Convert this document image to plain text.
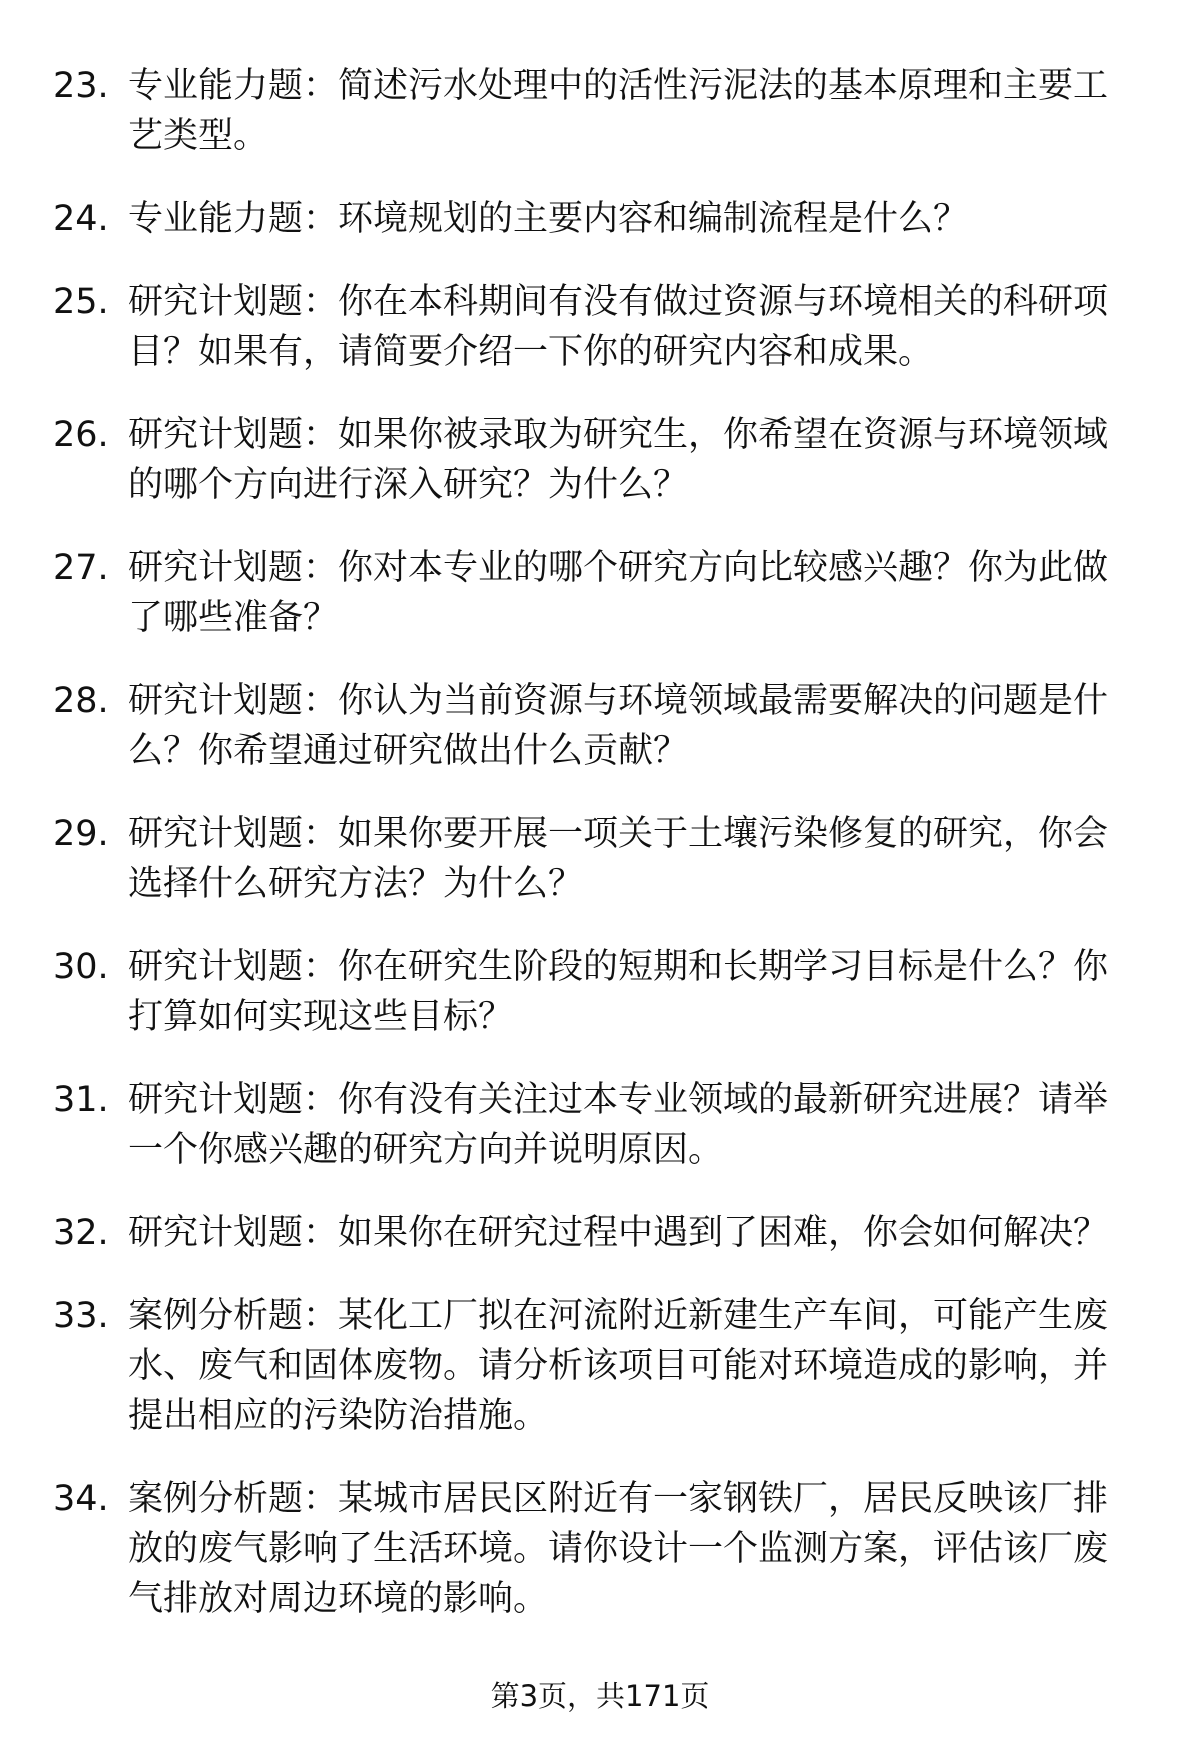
23. 专业能力题：简述污水处理中的活性污泥法的基本原理和主要工艺类型。
24. 专业能力题：环境规划的主要内容和编制流程是什么？
25. 研究计划题：你在本科期间有没有做过资源与环境相关的科研项目？如果有，请简要介绍一下你的研究内容和成果。
26. 研究计划题：如果你被录取为研究生，你希望在资源与环境领域的哪个方向进行深入研究？为什么？
27. 研究计划题：你对本专业的哪个研究方向比较感兴趣？你为此做了哪些准备？
28. 研究计划题：你认为当前资源与环境领域最需要解决的问题是什么？你希望通过研究做出什么贡献？
29. 研究计划题：如果你要开展一项关于土壤污染修复的研究，你会选择什么研究方法？为什么？
30. 研究计划题：你在研究生阶段的短期和长期学习目标是什么？你打算如何实现这些目标？
31. 研究计划题：你有没有关注过本专业领域的最新研究进展？请举一个你感兴趣的研究方向并说明原因。
32. 研究计划题：如果你在研究过程中遇到了困难，你会如何解决？
33. 案例分析题：某化工厂拟在河流附近新建生产车间，可能产生废水、废气和固体废物。请分析该项目可能对环境造成的影响，并提出相应的污染防治措施。
34. 案例分析题：某城市居民区附近有一家钢铁厂，居民反映该厂排放的废气影响了生活环境。请你设计一个监测方案，评估该厂废气排放对周边环境的影响。
第3页，共171页
